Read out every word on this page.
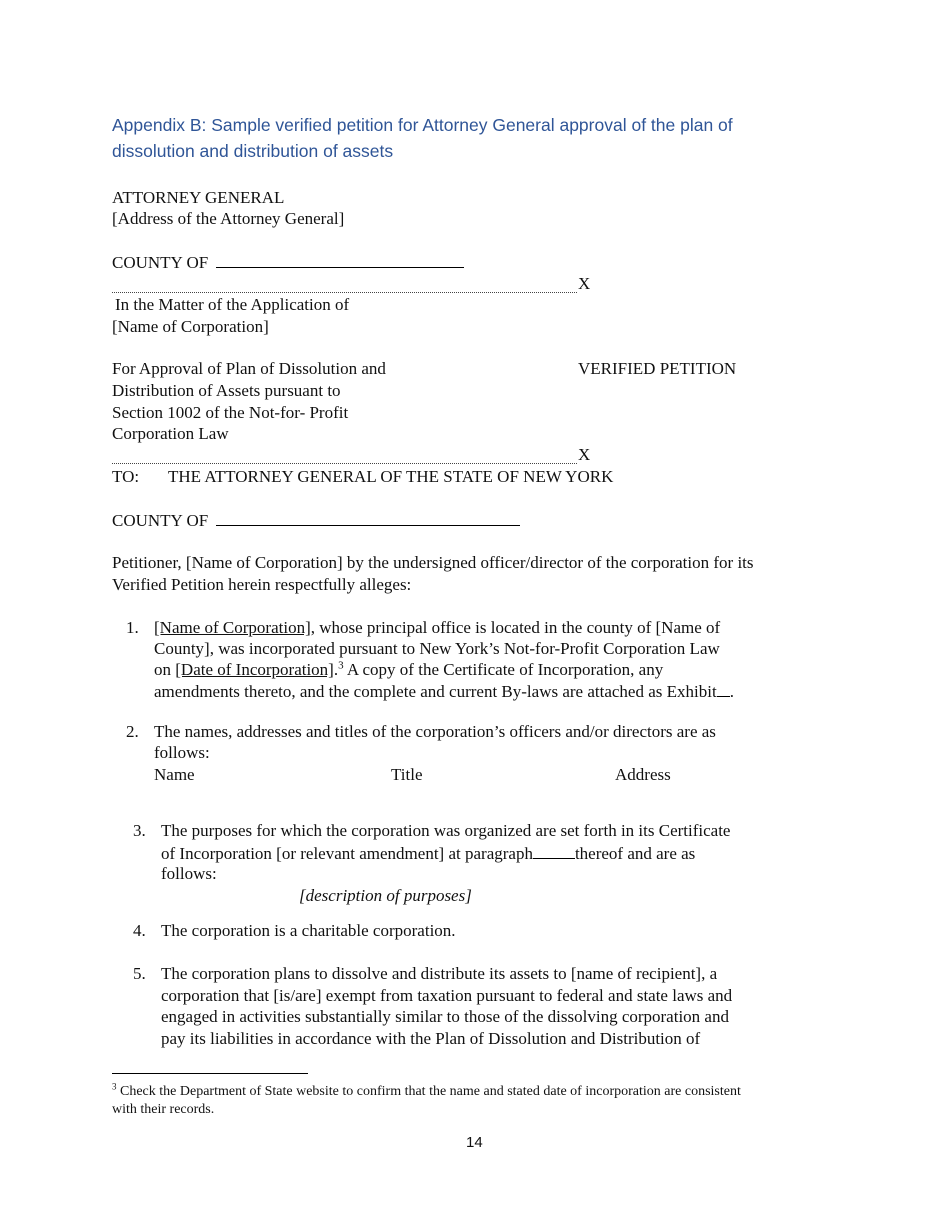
Appendix B: Sample verified petition for Attorney General approval of the plan of
dissolution and distribution of assets
ATTORNEY GENERAL
[Address of the Attorney General]
COUNTY OF
X
In the Matter of the Application of
[Name of Corporation]
For Approval of Plan of Dissolution and
Distribution of Assets pursuant to
Section 1002 of the Not-for- Profit
Corporation Law
VERIFIED PETITION
X
TO: THE ATTORNEY GENERAL OF THE STATE OF NEW YORK
COUNTY OF
Petitioner, [Name of Corporation] by the undersigned officer/director of the corporation for its
Verified Petition herein respectfully alleges:
1. [Name of Corporation], whose principal office is located in the county of [Name of
County], was incorporated pursuant to New York’s Not-for-Profit Corporation Law
on [Date of Incorporation].$^3$ A copy of the Certificate of Incorporation, any
amendments thereto, and the complete and current By-laws are attached as Exhibit .
2. The names, addresses and titles of the corporation’s officers and/or directors are as
follows:
Name	Title	Address
3. The purposes for which the corporation was organized are set forth in its Certificate
of Incorporation [or relevant amendment] at paragraph thereof and are as
follows:
[description of purposes]
4. The corporation is a charitable corporation.
5. The corporation plans to dissolve and distribute its assets to [name of recipient], a
corporation that [is/are] exempt from taxation pursuant to federal and state laws and
engaged in activities substantially similar to those of the dissolving corporation and
pay its liabilities in accordance with the Plan of Dissolution and Distribution of
$^3$ Check the Department of State website to confirm that the name and stated date of incorporation are consistent
with their records.
14
